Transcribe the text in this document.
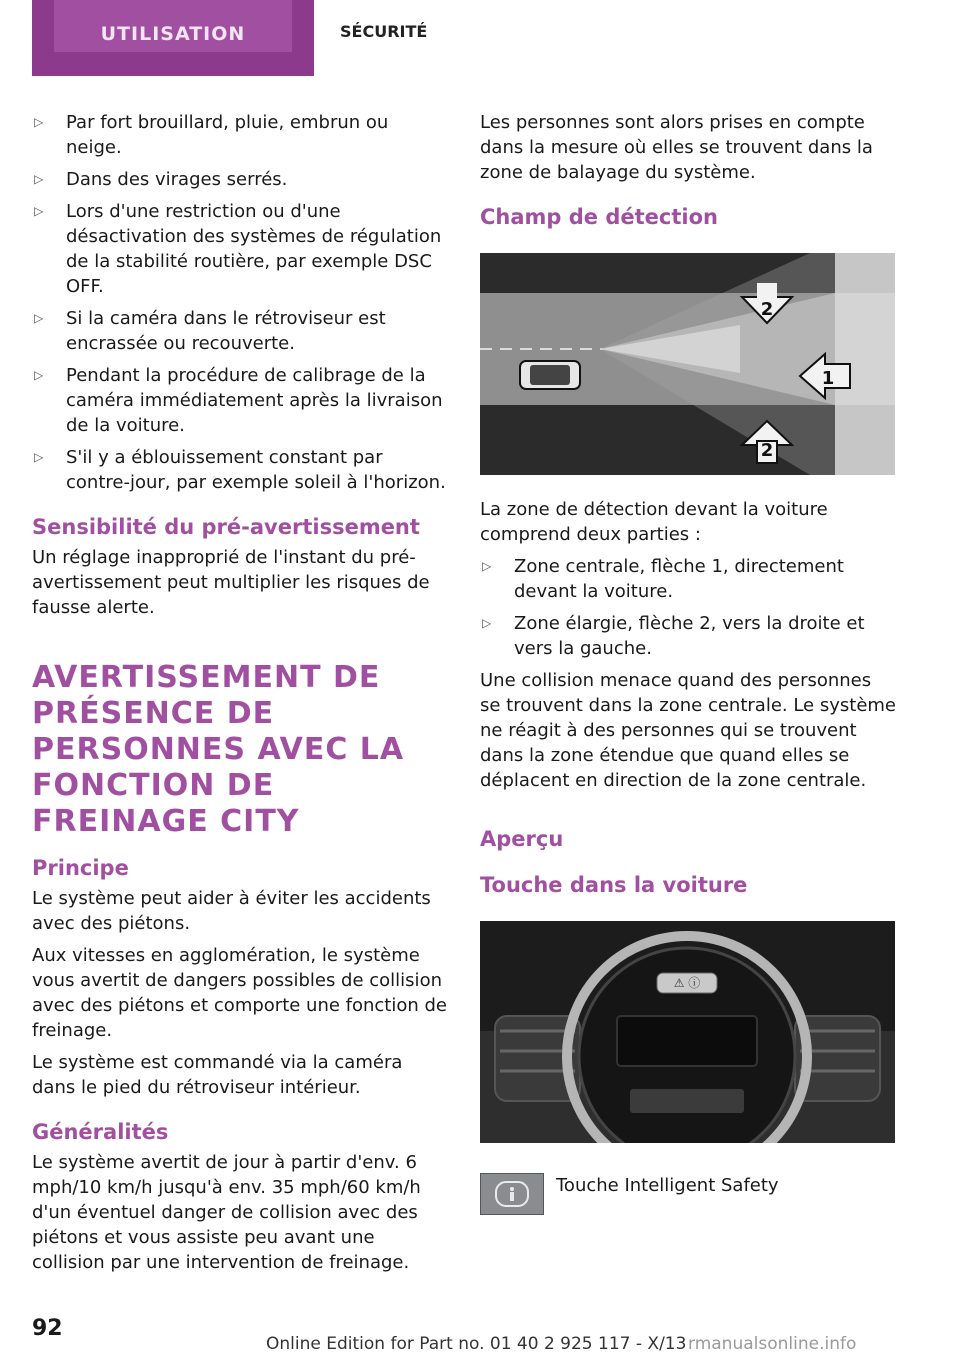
UTILISATION	SÉCURITÉ
▷ Par fort brouillard, pluie, embrun ou neige.
▷ Dans des virages serrés.
▷ Lors d'une restriction ou d'une désactivation des systèmes de régulation de la stabilité routière, par exemple DSC OFF.
▷ Si la caméra dans le rétroviseur est encrassée ou recouverte.
▷ Pendant la procédure de calibrage de la caméra immédiatement après la livraison de la voiture.
▷ S'il y a éblouissement constant par contre-jour, par exemple soleil à l'horizon.
Sensibilité du pré-avertissement

Un réglage inapproprié de l'instant du pré-avertissement peut multiplier les risques de fausse alerte.

AVERTISSEMENT DE PRÉSENCE DE PERSONNES AVEC LA FONCTION DE FREINAGE CITY
Principe

Le système peut aider à éviter les accidents avec des piétons.

Aux vitesses en agglomération, le système vous avertit de dangers possibles de collision avec des piétons et comporte une fonction de freinage.

Le système est commandé via la caméra dans le pied du rétroviseur intérieur.

Généralités

Le système avertit de jour à partir d'env. 6 mph/10 km/h jusqu'à env. 35 mph/60 km/h d'un éventuel danger de collision avec des piétons et vous assiste peu avant une collision par une intervention de freinage.

Les personnes sont alors prises en compte dans la mesure où elles se trouvent dans la zone de balayage du système.

Champ de détection
2
1
2

La zone de détection devant la voiture comprend deux parties :

▷ Zone centrale, flèche 1, directement devant la voiture.
▷ Zone élargie, flèche 2, vers la droite et vers la gauche.

Une collision menace quand des personnes se trouvent dans la zone centrale. Le système ne réagit à des personnes qui se trouvent dans la zone étendue que quand elles se déplacent en direction de la zone centrale.

Aperçu
Touche dans la voiture
⚠ ⓘ

Touche Intelligent Safety

92
Online Edition for Part no. 01 40 2 925 117 - X/13 rmanualsonline.info
